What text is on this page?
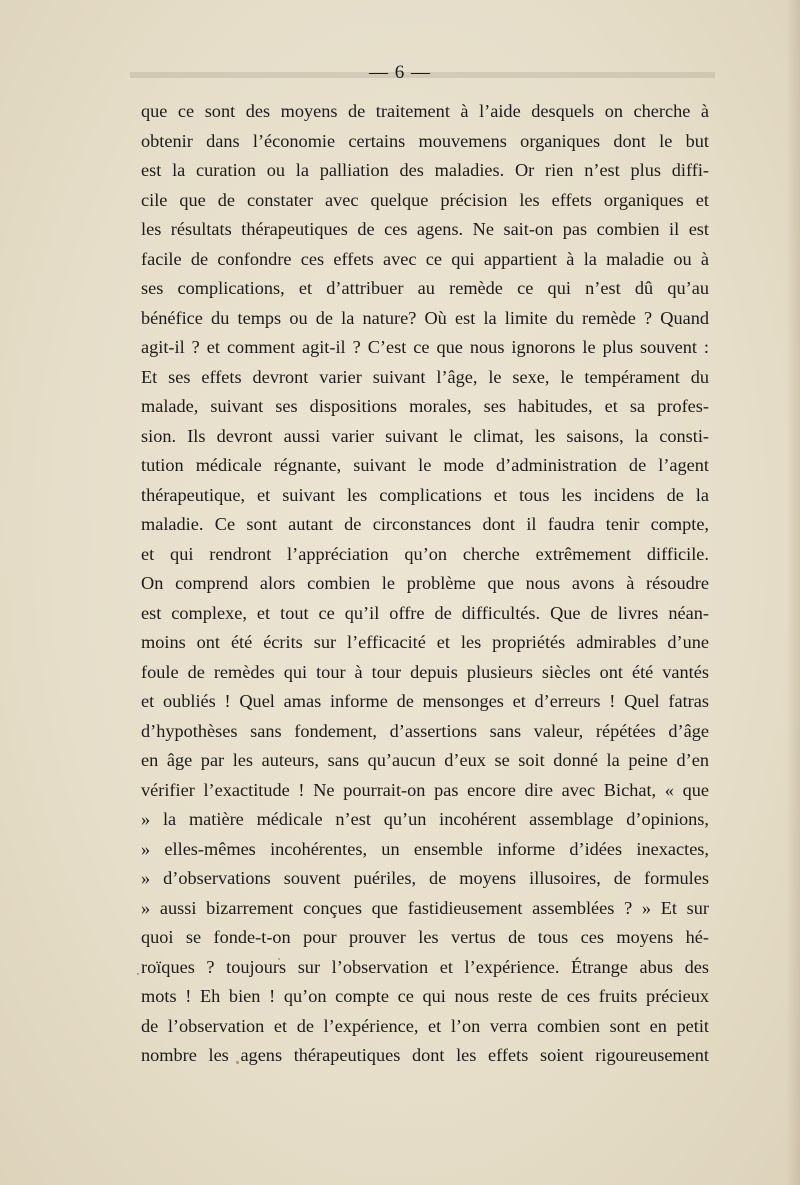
— 6 —
que ce sont des moyens de traitement à l’aide desquels on cherche à
obtenir dans l’économie certains mouvemens organiques dont le but
est la curation ou la palliation des maladies. Or rien n’est plus diffi-
cile que de constater avec quelque précision les effets organiques et
les résultats thérapeutiques de ces agens. Ne sait-on pas combien il est
facile de confondre ces effets avec ce qui appartient à la maladie ou à
ses complications, et d’attribuer au remède ce qui n’est dû qu’au
bénéfice du temps ou de la nature? Où est la limite du remède ? Quand
agit-il ? et comment agit-il ? C’est ce que nous ignorons le plus souvent :
Et ses effets devront varier suivant l’âge, le sexe, le tempérament du
malade, suivant ses dispositions morales, ses habitudes, et sa profes-
sion. Ils devront aussi varier suivant le climat, les saisons, la consti-
tution médicale régnante, suivant le mode d’administration de l’agent
thérapeutique, et suivant les complications et tous les incidens de la
maladie. Ce sont autant de circonstances dont il faudra tenir compte,
et qui rendront l’appréciation qu’on cherche extrêmement difficile.
On comprend alors combien le problème que nous avons à résoudre
est complexe, et tout ce qu’il offre de difficultés. Que de livres néan-
moins ont été écrits sur l’efficacité et les propriétés admirables d’une
foule de remèdes qui tour à tour depuis plusieurs siècles ont été vantés
et oubliés ! Quel amas informe de mensonges et d’erreurs ! Quel fatras
d’hypothèses sans fondement, d’assertions sans valeur, répétées d’âge
en âge par les auteurs, sans qu’aucun d’eux se soit donné la peine d’en
vérifier l’exactitude ! Ne pourrait-on pas encore dire avec Bichat, « que
» la matière médicale n’est qu’un incohérent assemblage d’opinions,
» elles-mêmes incohérentes, un ensemble informe d’idées inexactes,
» d’observations souvent puériles, de moyens illusoires, de formules
» aussi bizarrement conçues que fastidieusement assemblées ? » Et sur
quoi se fonde-t-on pour prouver les vertus de tous ces moyens hé-
roïques ? toujours sur l’observation et l’expérience. Étrange abus des
mots ! Eh bien ! qu’on compte ce qui nous reste de ces fruits précieux
de l’observation et de l’expérience, et l’on verra combien sont en petit
nombre les agens thérapeutiques dont les effets soient rigoureusement
